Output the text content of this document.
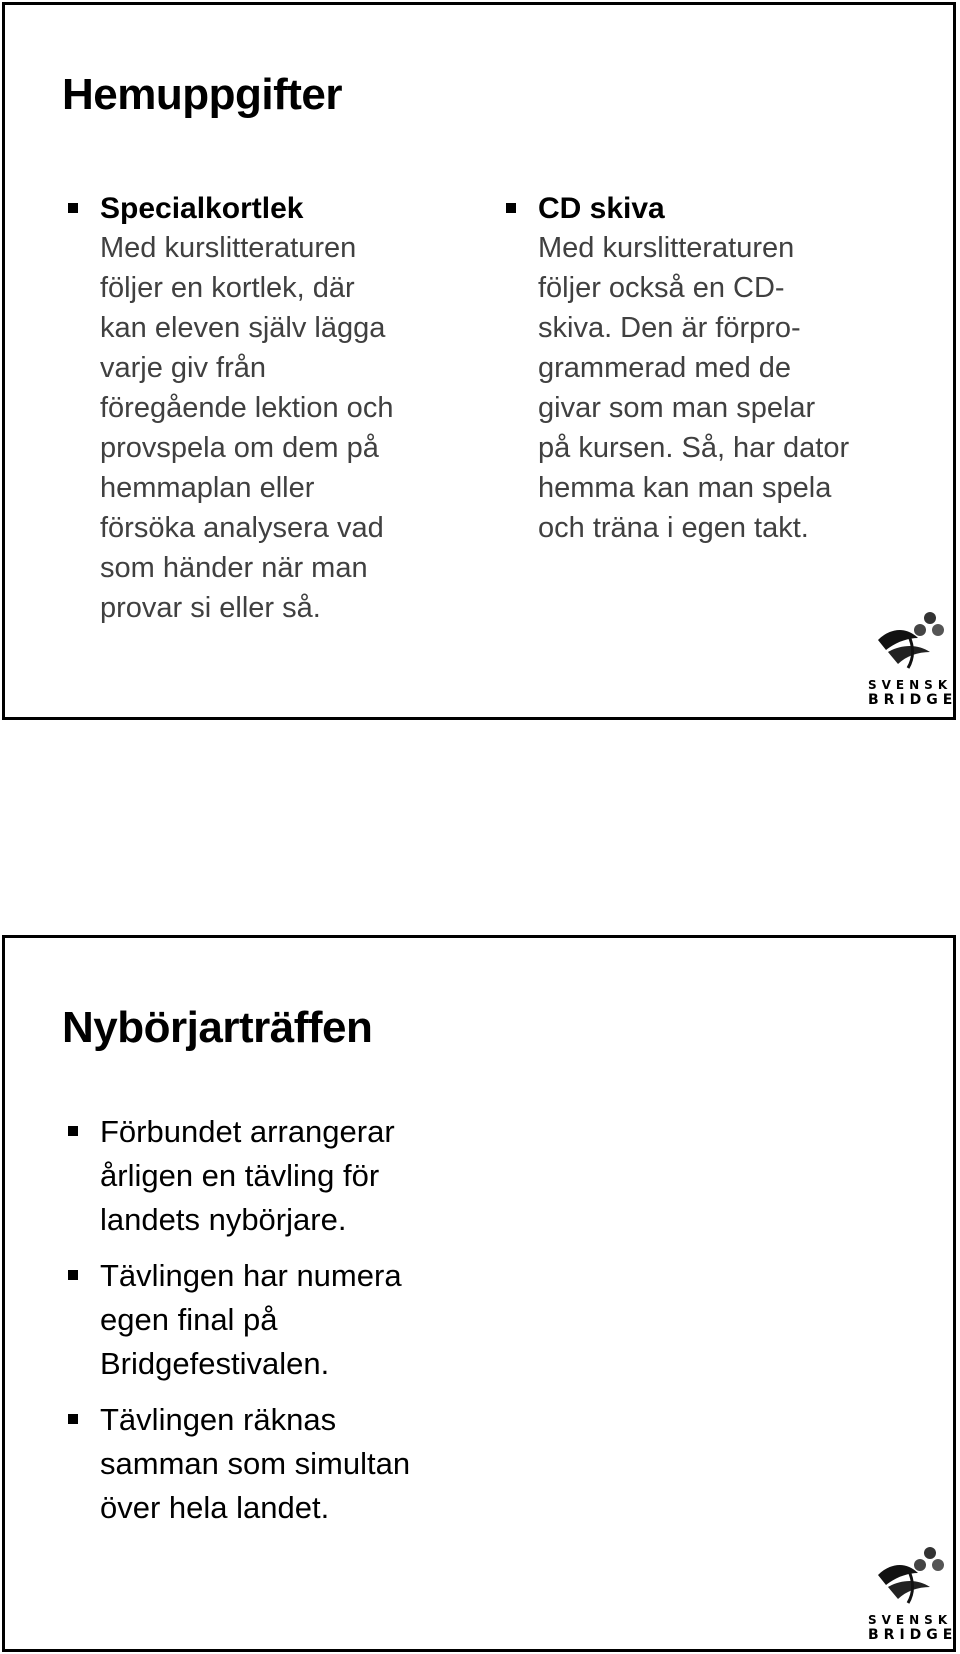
Hemuppgifter
Specialkortlek
Med kurslitteraturen
följer en kortlek, där
kan eleven själv lägga
varje giv från
föregående lektion och
provspela om dem på
hemmaplan eller
försöka analysera vad
som händer när man
provar si eller så.
CD skiva
Med kurslitteraturen
följer också en CD-
skiva. Den är förpro-
grammerad med de
givar som man spelar
på kursen. Så, har dator
hemma kan man spela
och träna i egen takt.
SVENSK
BRIDGE
Nybörjarträffen
Förbundet arrangerar
årligen en tävling för
landets nybörjare.
Tävlingen har numera
egen final på
Bridgefestivalen.
Tävlingen räknas
samman som simultan
över hela landet.
SVENSK
BRIDGE
